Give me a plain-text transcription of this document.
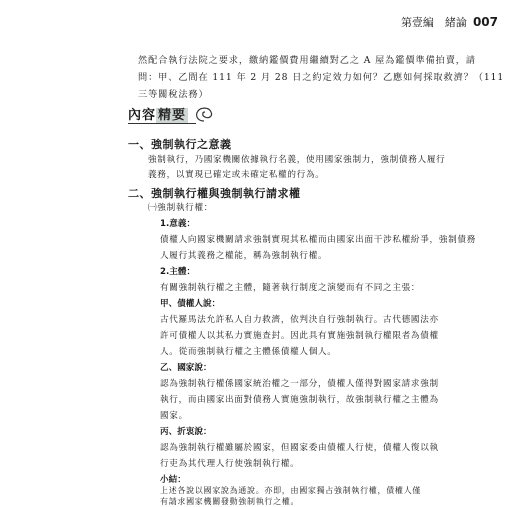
第壹編　緒論 007
然配合執行法院之要求，繳納鑑價費用繼續對乙之 A 屋為鑑價準備拍賣，請
問：甲、乙間在 111 年 2 月 28 日之約定效力如何？乙應如何採取救濟？（111
三等關稅法務）
內容 精要
一、強制執行之意義
強制執行，乃國家機關依據執行名義，使用國家強制力，強制債務人履行
義務，以實現已確定或未確定私權的行為。
二、強制執行權與強制執行請求權
㈠強制執行權：
1.意義：
債權人向國家機關請求強制實現其私權而由國家出面干涉私權紛爭，強制債務
人履行其義務之權能，稱為強制執行權。
2.主體：
有關強制執行權之主體，隨著執行制度之演變而有不同之主張：
甲、債權人說：
古代羅馬法允許私人自力救濟，依判決自行強制執行。古代德國法亦
許可債權人以其私力實施查封。因此具有實施強制執行權限者為債權
人。從而強制執行權之主體係債權人個人。
乙、國家說：
認為強制執行權係國家統治權之一部分，債權人僅得對國家請求強制
執行，而由國家出面對債務人實施強制執行，故強制執行權之主體為
國家。
丙、折衷說：
認為強制執行權雖屬於國家，但國家委由債權人行使，債權人復以執
行吏為其代理人行使強制執行權。
小結：
上述各說以國家說為通說。亦即，由國家獨占強制執行權，債權人僅
有請求國家機關發動強制執行之權。
